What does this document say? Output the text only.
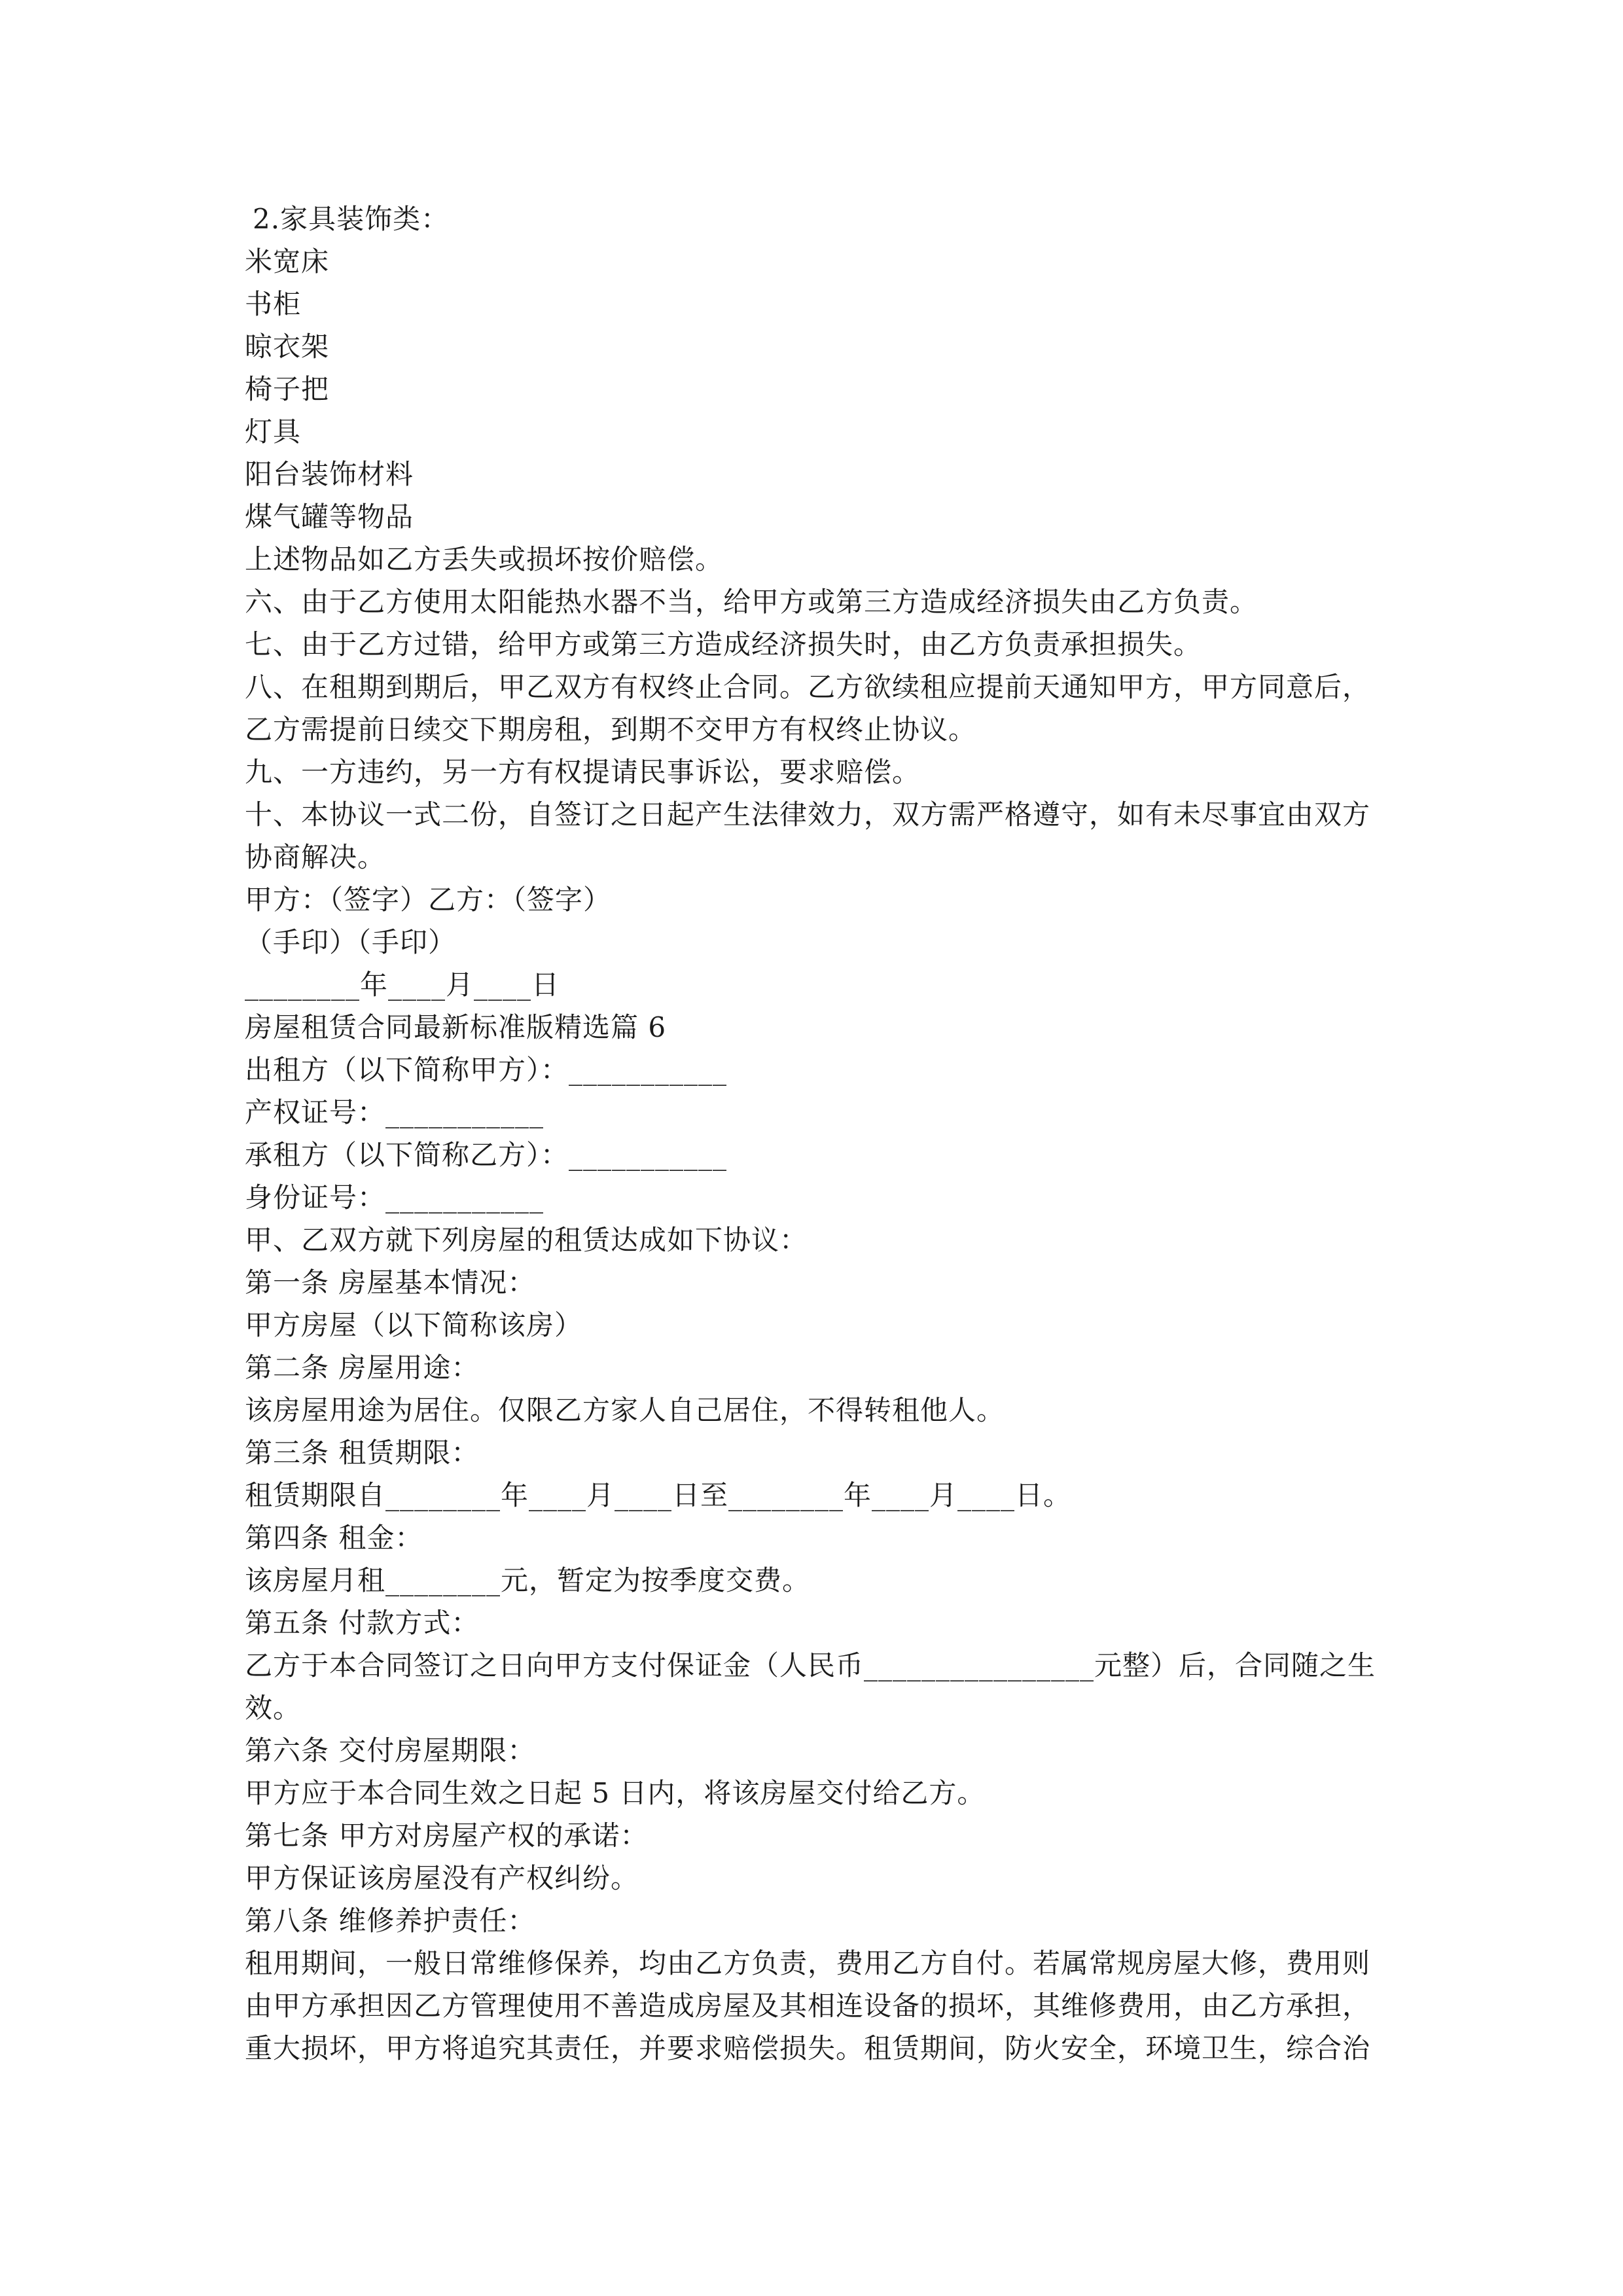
2.家具装饰类：
米宽床
书柜
晾衣架
椅子把
灯具
阳台装饰材料
煤气罐等物品
上述物品如乙方丢失或损坏按价赔偿。
六、由于乙方使用太阳能热水器不当，给甲方或第三方造成经济损失由乙方负责。
七、由于乙方过错，给甲方或第三方造成经济损失时，由乙方负责承担损失。
八、在租期到期后，甲乙双方有权终止合同。乙方欲续租应提前天通知甲方，甲方同意后，
乙方需提前日续交下期房租，到期不交甲方有权终止协议。
九、一方违约，另一方有权提请民事诉讼，要求赔偿。
十、本协议一式二份，自签订之日起产生法律效力，双方需严格遵守，如有未尽事宜由双方
协商解决。
甲方：（签字）乙方：（签字）
（手印）（手印）
________年____月____日
房屋租赁合同最新标准版精选篇 6
出租方（以下简称甲方）：___________
产权证号：___________
承租方（以下简称乙方）：___________
身份证号：___________
甲、乙双方就下列房屋的租赁达成如下协议：
第一条 房屋基本情况：
甲方房屋（以下简称该房）
第二条 房屋用途：
该房屋用途为居住。仅限乙方家人自己居住，不得转租他人。
第三条 租赁期限：
租赁期限自________年____月____日至________年____月____日。
第四条 租金：
该房屋月租________元，暂定为按季度交费。
第五条 付款方式：
乙方于本合同签订之日向甲方支付保证金（人民币________________元整）后，合同随之生
效。
第六条 交付房屋期限：
甲方应于本合同生效之日起 5 日内，将该房屋交付给乙方。
第七条 甲方对房屋产权的承诺：
甲方保证该房屋没有产权纠纷。
第八条 维修养护责任：
租用期间，一般日常维修保养，均由乙方负责，费用乙方自付。若属常规房屋大修，费用则
由甲方承担因乙方管理使用不善造成房屋及其相连设备的损坏，其维修费用，由乙方承担，
重大损坏，甲方将追究其责任，并要求赔偿损失。租赁期间，防火安全，环境卫生，综合治
